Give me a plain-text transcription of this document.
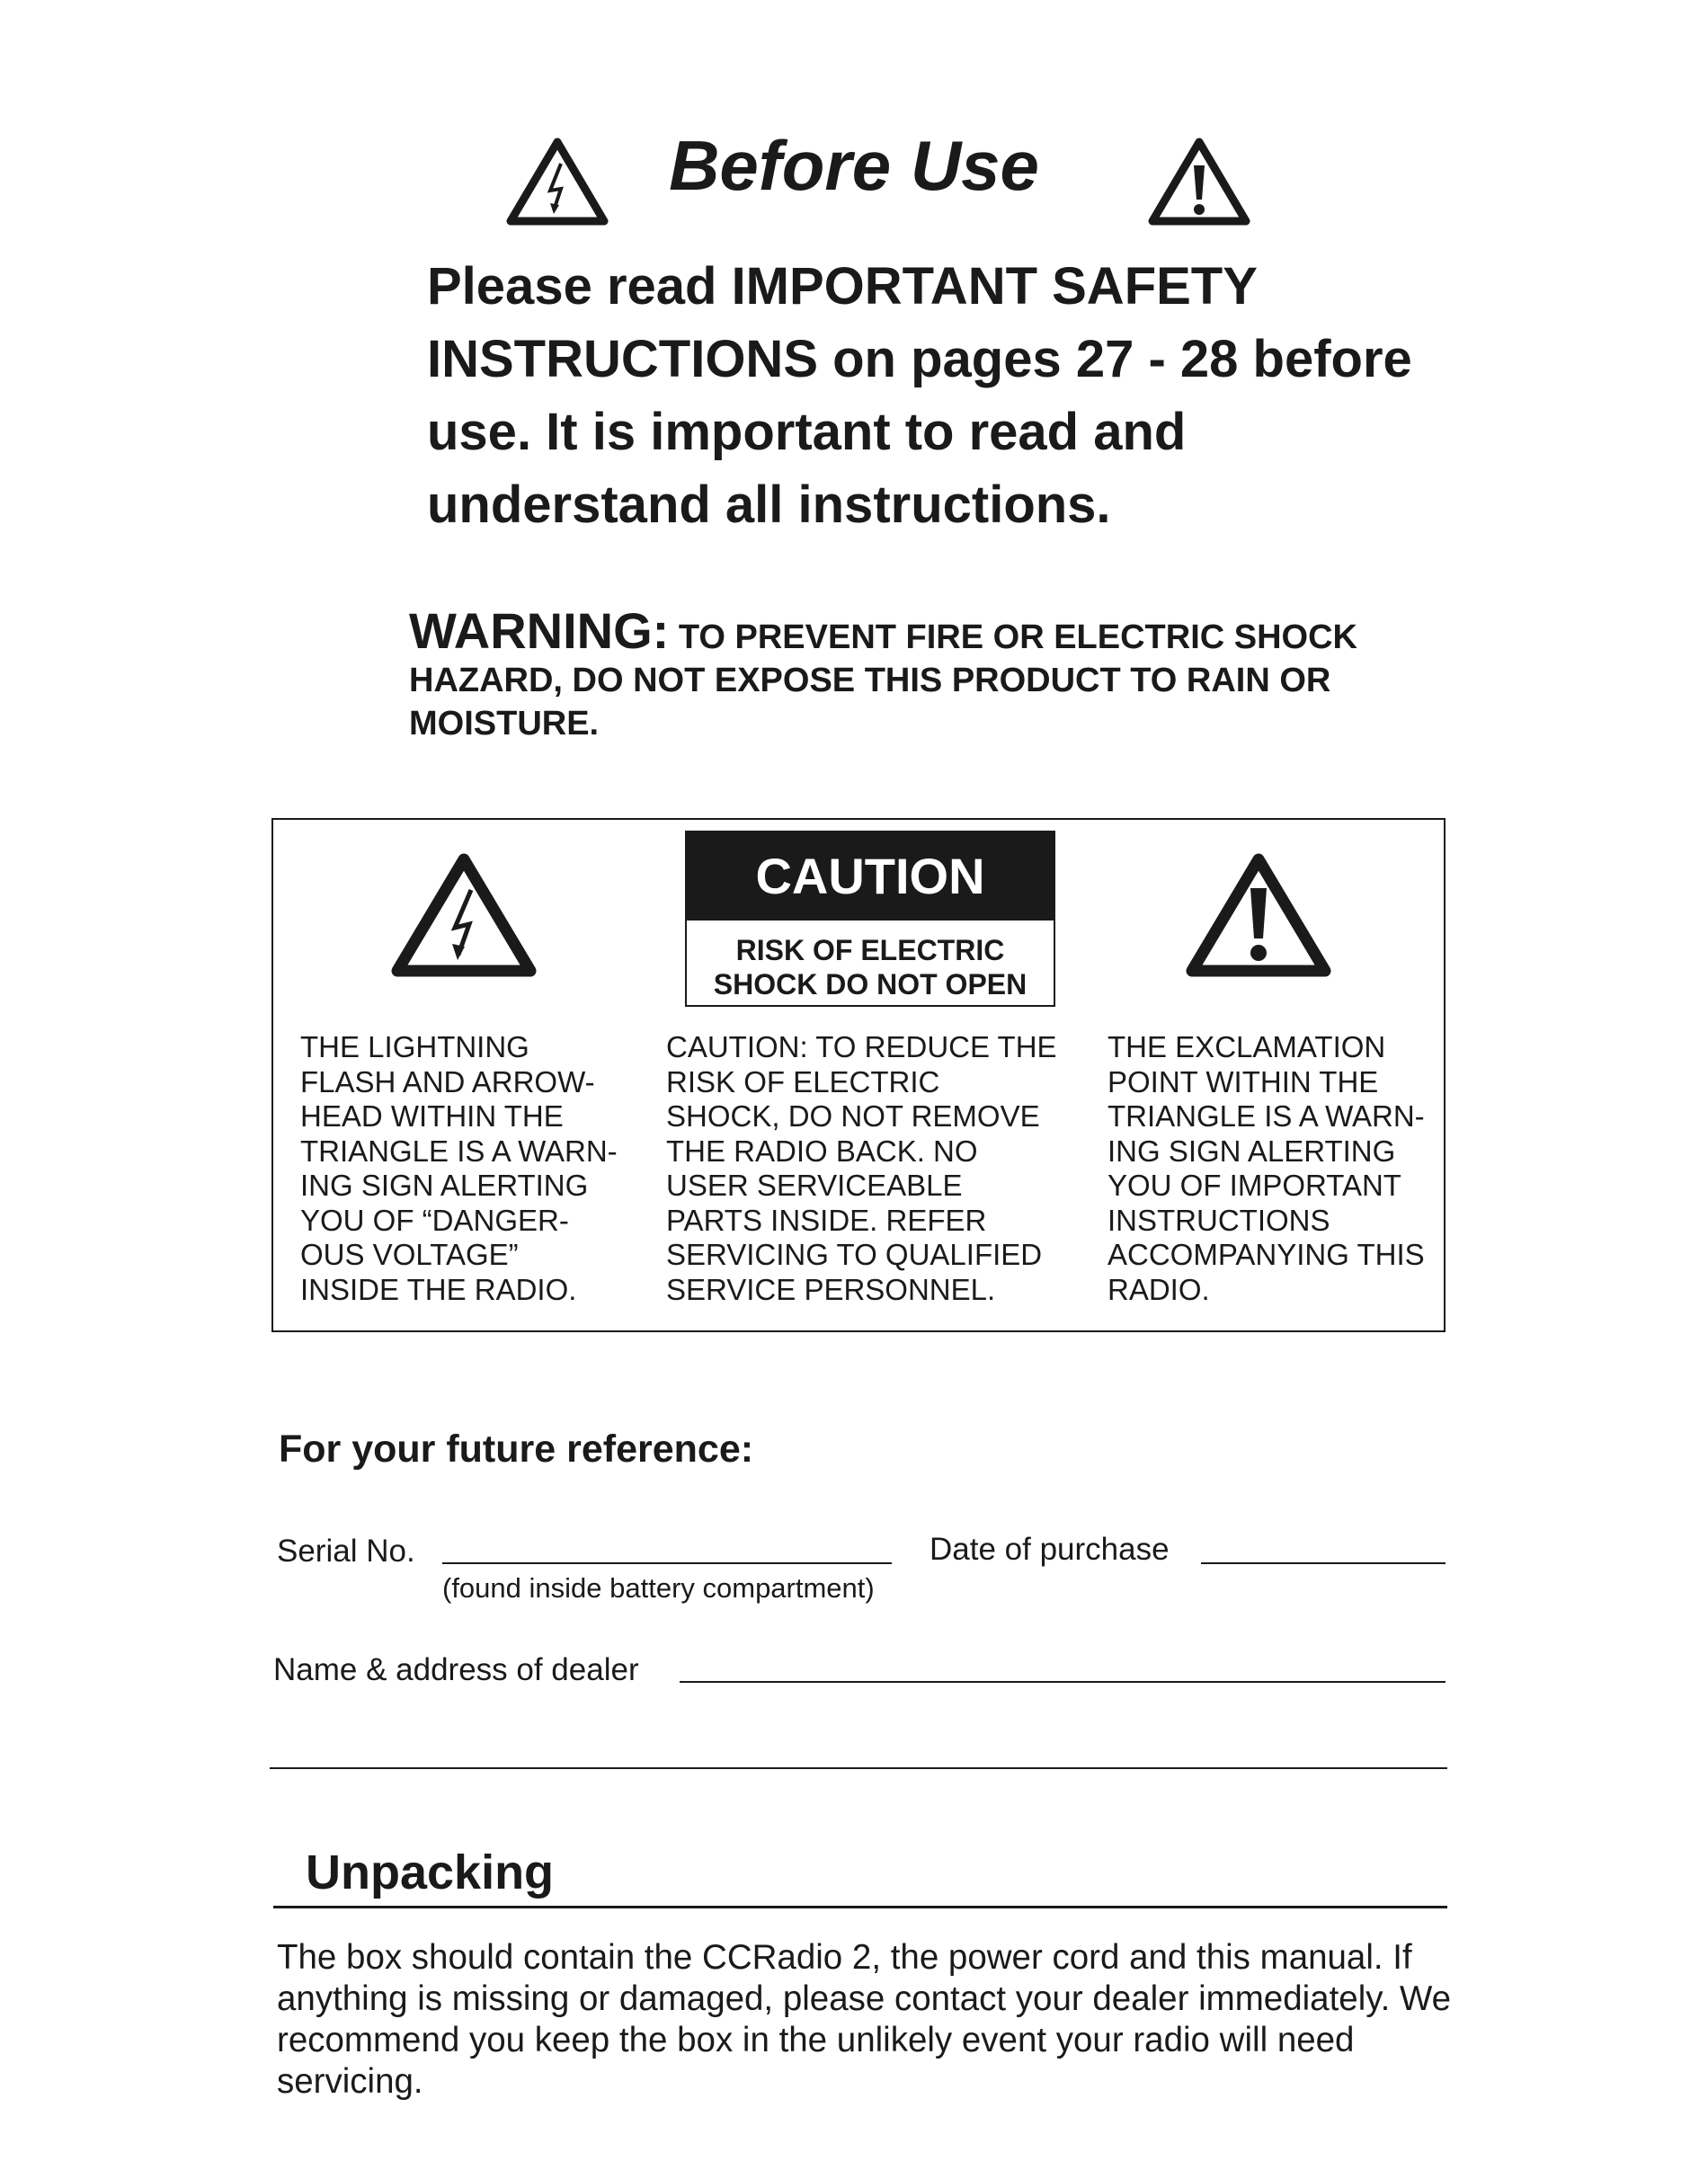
Before Use
Please read IMPORTANT SAFETY INSTRUCTIONS on pages 27 - 28 before use. It is important to read and understand all instructions.
WARNING: TO PREVENT FIRE OR ELECTRIC SHOCK HAZARD, DO NOT EXPOSE THIS PRODUCT TO RAIN OR MOISTURE.
CAUTION
RISK OF ELECTRIC
SHOCK DO NOT OPEN
THE LIGHTNING
FLASH AND ARROW-
HEAD WITHIN THE
TRIANGLE IS A WARN-
ING SIGN ALERTING
YOU OF “DANGER-
OUS VOLTAGE”
INSIDE THE RADIO.
CAUTION: TO REDUCE THE
RISK OF ELECTRIC
SHOCK, DO NOT REMOVE
THE RADIO BACK. NO
USER SERVICEABLE
PARTS INSIDE. REFER
SERVICING TO QUALIFIED
SERVICE PERSONNEL.
THE EXCLAMATION
POINT WITHIN THE
TRIANGLE IS A WARN-
ING SIGN ALERTING
YOU OF IMPORTANT
INSTRUCTIONS
ACCOMPANYING THIS
RADIO.
For your future reference:
Serial No.
(found inside battery compartment)
Date of purchase
Name & address of dealer
Unpacking
The box should contain the CCRadio 2, the power cord and this manual. If anything is missing or damaged, please contact your dealer immediately. We recommend you keep the box in the unlikely event your radio will need servicing.
